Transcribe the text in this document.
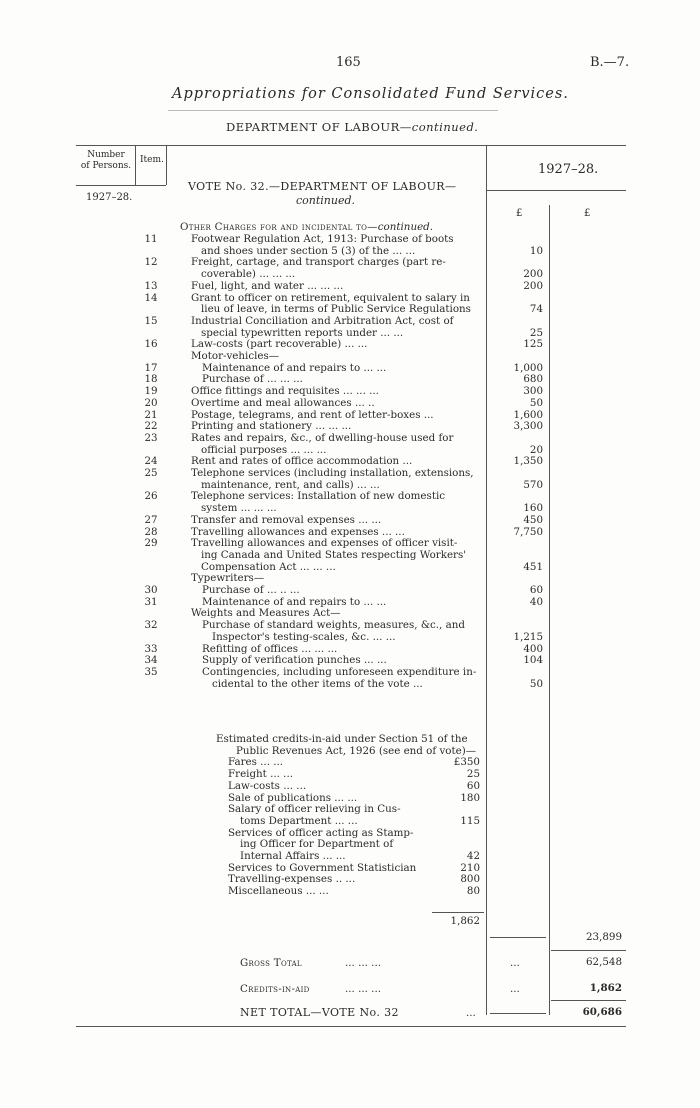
165	B.—7.
Appropriations for Consolidated Fund Services.
DEPARTMENT OF LABOUR—continued.
Number
of Persons.
Item.
1927–28.
1927–28.
£	£
VOTE No. 32.—DEPARTMENT OF LABOUR—
continued.
Other Charges for and incidental to—continued.
11	Footwear Regulation Act, 1913: Purchase of boots
and shoes under section 5 (3) of the ... ...	10
12	Freight, cartage, and transport charges (part re-
coverable) ... ... ...	200
13	Fuel, light, and water ... ... ...	200
14	Grant to officer on retirement, equivalent to salary in
lieu of leave, in terms of Public Service Regulations	74
15	Industrial Conciliation and Arbitration Act, cost of
special typewritten reports under ... ...	25
16	Law-costs (part recoverable) ... ...	125
Motor-vehicles—
17	Maintenance of and repairs to ... ...	1,000
18	Purchase of ... ... ...	680
19	Office fittings and requisites ... ... ...	300
20	Overtime and meal allowances ... ..	50
21	Postage, telegrams, and rent of letter-boxes ...	1,600
22	Printing and stationery ... ... ...	3,300
23	Rates and repairs, &c., of dwelling-house used for
official purposes ... ... ...	20
24	Rent and rates of office accommodation ...	1,350
25	Telephone services (including installation, extensions,
maintenance, rent, and calls) ... ...	570
26	Telephone services: Installation of new domestic
system ... ... ...	160
27	Transfer and removal expenses ... ...	450
28	Travelling allowances and expenses ... ...	7,750
29	Travelling allowances and expenses of officer visit-
ing Canada and United States respecting Workers'
Compensation Act ... ... ...	451
Typewriters—
30	Purchase of ... .. ...	60
31	Maintenance of and repairs to ... ...	40
Weights and Measures Act—
32	Purchase of standard weights, measures, &c., and
Inspector's testing-scales, &c. ... ...	1,215
33	Refitting of offices ... ... ...	400
34	Supply of verification punches ... ...	104
35	Contingencies, including unforeseen expenditure in-
cidental to the other items of the vote ...	50
Estimated credits-in-aid under Section 51 of the
Public Revenues Act, 1926 (see end of vote)—
Fares ... ...	£350
Freight ... ...	25
Law-costs ... ...	60
Sale of publications ... ...	180
Salary of officer relieving in Cus-
toms Department ... ...	115
Services of officer acting as Stamp-
ing Officer for Department of
Internal Affairs ... ...	42
Services to Government Statistician	210
Travelling-expenses .. ...	800
Miscellaneous ... ...	80
1,862
23,899
Gross Total	... ... ...	...	62,548
Credits-in-aid	... ... ...	...	1,862
NET TOTAL—VOTE No. 32	...	60,686
